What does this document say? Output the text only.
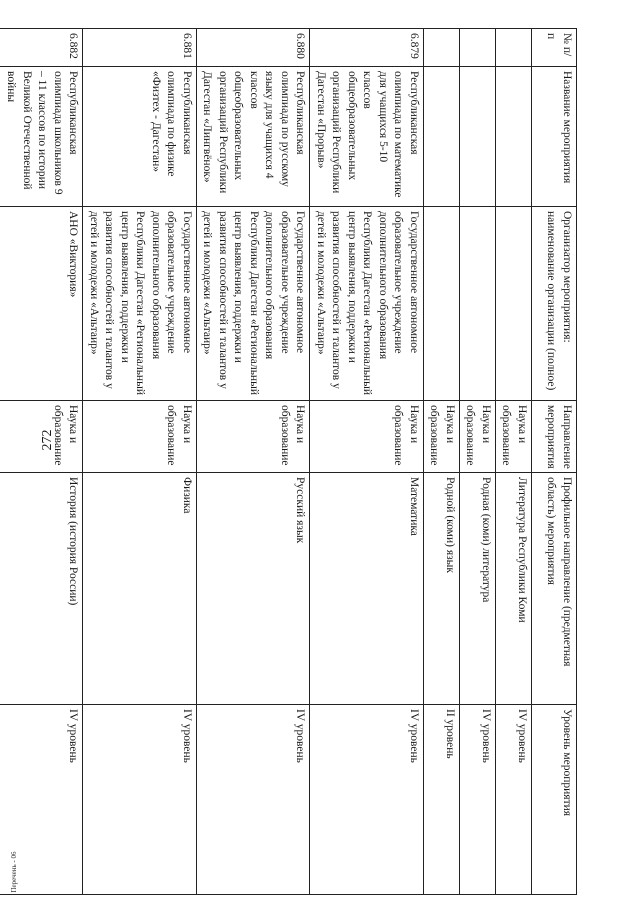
272
№ п/п	Название мероприятия	Организатор мероприятия: наименование организации (полное)	Направление мероприятия	Профильное направление (предметная область) мероприятия	Уровень мероприятия
			Наука и образование	Литература Республики Коми	IV уровень
			Наука и образование	Родная (коми) литература	IV уровень
			Наука и образование	Родной (коми) язык	II уровень
6.879	Республиканская олимпиада по математике для учащихся 5-10 классов общеобразовательных организаций Республики Дагестан «Прорыв»	Государственное автономное образовательное учреждение дополнительного образования Республики Дагестан «Региональный центр выявления, поддержки и развития способностей и талантов у детей и молодежи «Альтаир»	Наука и образование	Математика	IV уровень
6.880	Республиканская олимпиада по русскому языку для учащихся 4 классов общеобразовательных организаций Республики Дагестан «Лингвёнок»	Государственное автономное образовательное учреждение дополнительного образования Республики Дагестан «Региональный центр выявления, поддержки и развития способностей и талантов у детей и молодежи «Альтаир»	Наука и образование	Русский язык	IV уровень
6.881	Республиканская олимпиада по физике «Физтех - Дагестан»	Государственное автономное образовательное учреждение дополнительного образования Республики Дагестан «Региональный центр выявления, поддержки и развития способностей и талантов у детей и молодежи «Альтаир»	Наука и образование	Физика	IV уровень
6.882	Республиканская олимпиада школьников 9 – 11 классов по истории Великой Отечественной войны	АНО «Виктория»	Наука и образование	История (история России)	IV уровень
Перечень - 06
